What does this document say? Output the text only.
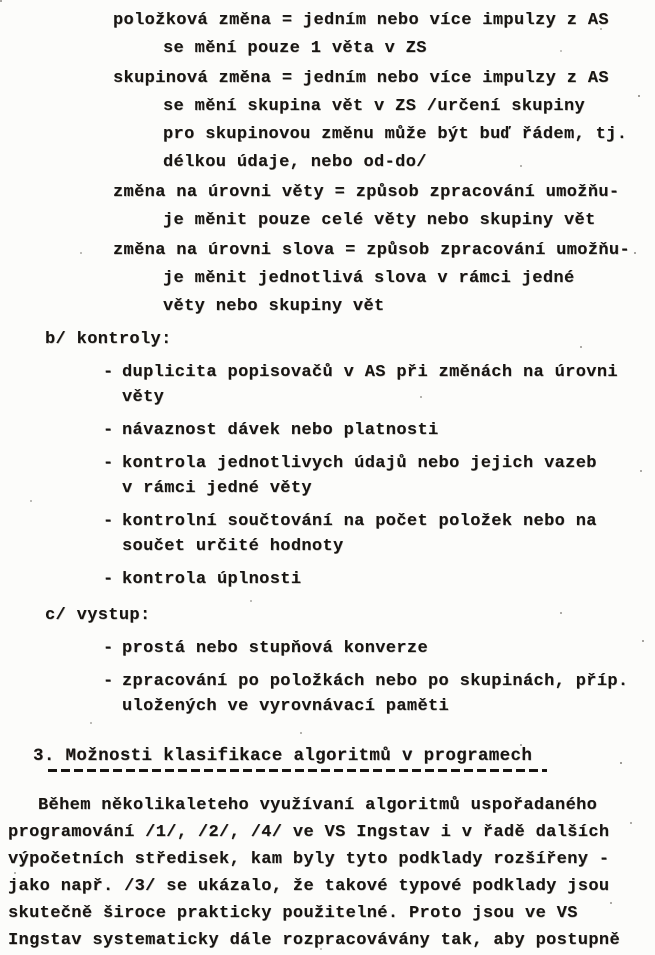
položková změna = jedním nebo více impulzy z AS
se mění pouze 1 věta v ZS
skupinová změna = jedním nebo více impulzy z AS
se mění skupina vět v ZS /určení skupiny
pro skupinovou změnu může být buď řádem, tj.
délkou údaje, nebo od-do/
změna na úrovni věty = způsob zpracování umožňu-
je měnit pouze celé věty nebo skupiny vět
změna na úrovni slova = způsob zpracování umožňu-
je měnit jednotlivá slova v rámci jedné
věty nebo skupiny vět
b/ kontroly:
- duplicita popisovačů v AS při změnách na úrovni
věty
- návaznost dávek nebo platnosti
- kontrola jednotlivych údajů nebo jejich vazeb
v rámci jedné věty
- kontrolní součtování na počet položek nebo na
součet určité hodnoty
- kontrola úplnosti
c/ vystup:
- prostá nebo stupňová konverze
- zpracování po položkách nebo po skupinách, příp.
uložených ve vyrovnávací paměti
3. Možnosti klasifikace algoritmů v programech
Během několikaleteho využívaní algoritmů uspořadaného
programování /1/, /2/, /4/ ve VS Ingstav i v řadě dalších
výpočetních středisek, kam byly tyto podklady rozšířeny -
jako např. /3/ se ukázalo, že takové typové podklady jsou
skutečně široce prakticky použitelné. Proto jsou ve VS
Ingstav systematicky dále rozpracovávány tak, aby postupně
